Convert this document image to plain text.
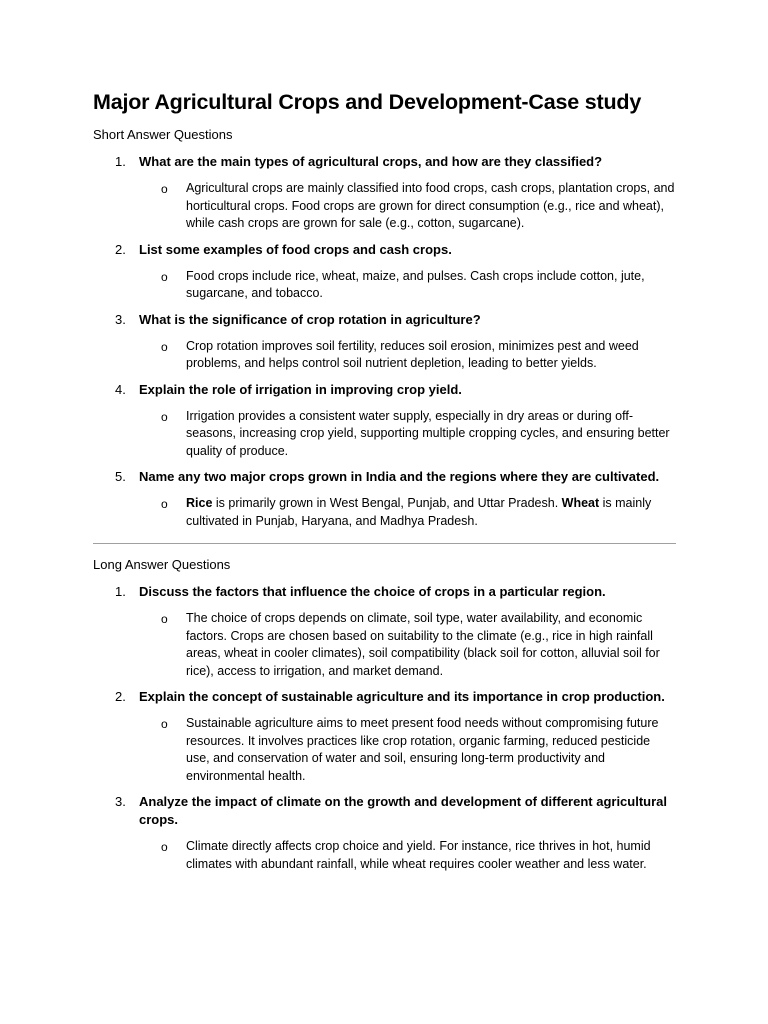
Major Agricultural Crops and Development-Case study
Short Answer Questions
1. What are the main types of agricultural crops, and how are they classified?
o Agricultural crops are mainly classified into food crops, cash crops, plantation crops, and horticultural crops. Food crops are grown for direct consumption (e.g., rice and wheat), while cash crops are grown for sale (e.g., cotton, sugarcane).
2. List some examples of food crops and cash crops.
o Food crops include rice, wheat, maize, and pulses. Cash crops include cotton, jute, sugarcane, and tobacco.
3. What is the significance of crop rotation in agriculture?
o Crop rotation improves soil fertility, reduces soil erosion, minimizes pest and weed problems, and helps control soil nutrient depletion, leading to better yields.
4. Explain the role of irrigation in improving crop yield.
o Irrigation provides a consistent water supply, especially in dry areas or during off-seasons, increasing crop yield, supporting multiple cropping cycles, and ensuring better quality of produce.
5. Name any two major crops grown in India and the regions where they are cultivated.
o Rice is primarily grown in West Bengal, Punjab, and Uttar Pradesh. Wheat is mainly cultivated in Punjab, Haryana, and Madhya Pradesh.
Long Answer Questions
1. Discuss the factors that influence the choice of crops in a particular region.
o The choice of crops depends on climate, soil type, water availability, and economic factors. Crops are chosen based on suitability to the climate (e.g., rice in high rainfall areas, wheat in cooler climates), soil compatibility (black soil for cotton, alluvial soil for rice), access to irrigation, and market demand.
2. Explain the concept of sustainable agriculture and its importance in crop production.
o Sustainable agriculture aims to meet present food needs without compromising future resources. It involves practices like crop rotation, organic farming, reduced pesticide use, and conservation of water and soil, ensuring long-term productivity and environmental health.
3. Analyze the impact of climate on the growth and development of different agricultural crops.
o Climate directly affects crop choice and yield. For instance, rice thrives in hot, humid climates with abundant rainfall, while wheat requires cooler weather and less water.
